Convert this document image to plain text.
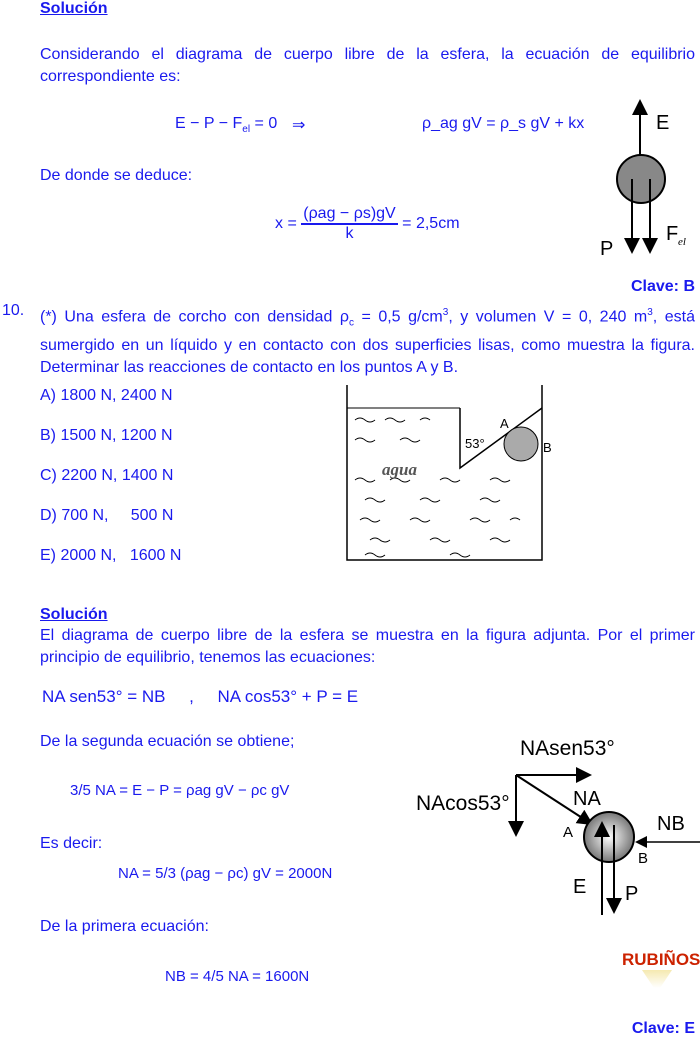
Solución
Considerando el diagrama de cuerpo libre de la esfera, la ecuación de equilibrio correspondiente es:
$E - P - F_{el} = 0$ ⇒	ρ_ag gV = ρ_s gV + kx
De donde se deduce:
$x = \frac{\text{(ρag − ρs)gV}}{k} = 2,5cm$
E
P
F el
Clave: B
10. (*) Una esfera de corcho con densidad $\rho_c = 0,5$ $g/cm^3$, y volumen V = 0, 240 $m^3$, está sumergido en un líquido y en contacto con dos superficies lisas, como muestra la figura. Determinar las reacciones de contacto en los puntos A y B.
A) 1800 N, 2400 N
B) 1500 N, 1200 N
C) 2200 N, 1400 N
D) 700 N,     500 N
E) 2000 N,   1600 N
53°
A
B
agua
Solución
El diagrama de cuerpo libre de la esfera se muestra en la figura adjunta. Por el primer principio de equilibrio, tenemos las ecuaciones:
NA sen53° = NB     ,     NA cos53° + P = E
De la segunda ecuación se obtiene;
3/5 NA = E − P = ρag gV − ρc gV
Es decir:
NA = 5/3 (ρag − ρc) gV = 2000N
De la primera ecuación:
NB = 4/5 NA = 1600N
NAsen53°
NAcos53°	NA
NB
A
B
E P
RUBIÑOS
Clave: E
